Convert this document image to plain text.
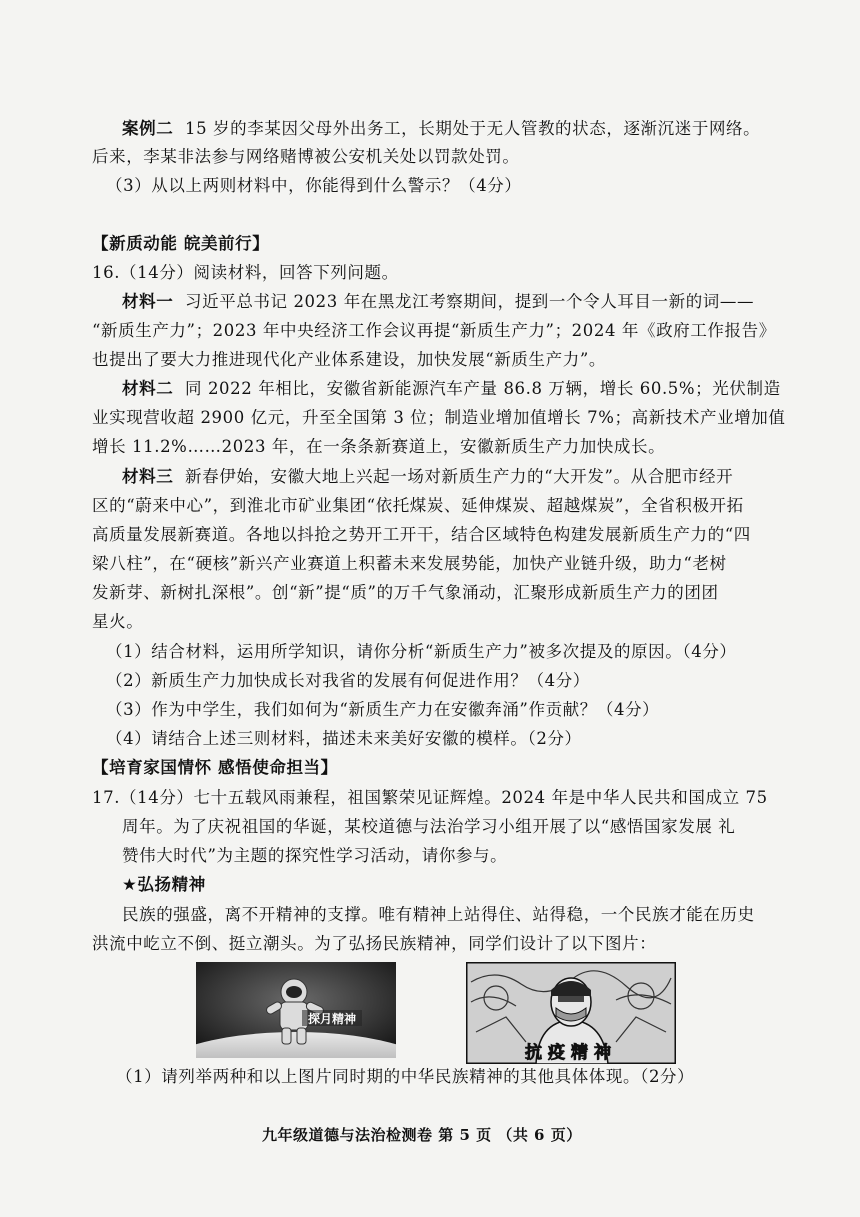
案例二 15 岁的李某因父母外出务工，长期处于无人管教的状态，逐渐沉迷于网络。
后来，李某非法参与网络赌博被公安机关处以罚款处罚。
（3）从以上两则材料中，你能得到什么警示？（4分）
【新质动能 皖美前行】
16.（14分）阅读材料，回答下列问题。
材料一 习近平总书记 2023 年在黑龙江考察期间，提到一个令人耳目一新的词——
“新质生产力”；2023 年中央经济工作会议再提“新质生产力”；2024 年《政府工作报告》
也提出了要大力推进现代化产业体系建设，加快发展“新质生产力”。
材料二 同 2022 年相比，安徽省新能源汽车产量 86.8 万辆，增长 60.5%；光伏制造
业实现营收超 2900 亿元，升至全国第 3 位；制造业增加值增长 7%；高新技术产业增加值
增长 11.2%……2023 年，在一条条新赛道上，安徽新质生产力加快成长。
材料三 新春伊始，安徽大地上兴起一场对新质生产力的“大开发”。从合肥市经开
区的“蔚来中心”，到淮北市矿业集团“依托煤炭、延伸煤炭、超越煤炭”，全省积极开拓
高质量发展新赛道。各地以抖抢之势开工开干，结合区域特色构建发展新质生产力的“四
梁八柱”，在“硬核”新兴产业赛道上积蓄未来发展势能，加快产业链升级，助力“老树
发新芽、新树扎深根”。创“新”提“质”的万千气象涌动，汇聚形成新质生产力的团团
星火。
（1）结合材料，运用所学知识，请你分析“新质生产力”被多次提及的原因。（4分）
（2）新质生产力加快成长对我省的发展有何促进作用？（4分）
（3）作为中学生，我们如何为“新质生产力在安徽奔涌”作贡献？（4分）
（4）请结合上述三则材料，描述未来美好安徽的模样。（2分）
【培育家国情怀 感悟使命担当】
17.（14分）七十五载风雨兼程，祖国繁荣见证辉煌。2024 年是中华人民共和国成立 75
周年。为了庆祝祖国的华诞，某校道德与法治学习小组开展了以“感悟国家发展 礼
赞伟大时代”为主题的探究性学习活动，请你参与。
★弘扬精神
民族的强盛，离不开精神的支撑。唯有精神上站得住、站得稳，一个民族才能在历史
洪流中屹立不倒、挺立潮头。为了弘扬民族精神，同学们设计了以下图片：
探月精神
抗疫精神
（1）请列举两种和以上图片同时期的中华民族精神的其他具体体现。（2分）
九年级道德与法治检测卷 第 5 页 （共 6 页）
